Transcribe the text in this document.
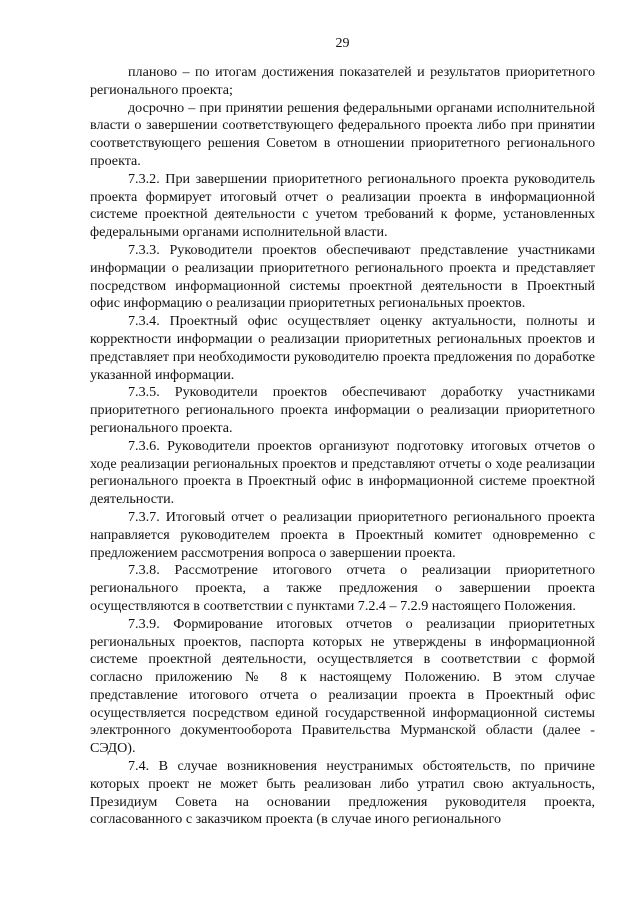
29

планово – по итогам достижения показателей и результатов приоритетного регионального проекта;

досрочно – при принятии решения федеральными органами исполнительной власти о завершении соответствующего федерального проекта либо при принятии соответствующего решения Советом в отношении приоритетного регионального проекта.

7.3.2. При завершении приоритетного регионального проекта руководитель проекта формирует итоговый отчет о реализации проекта в информационной системе проектной деятельности с учетом требований к форме, установленных федеральными органами исполнительной власти.

7.3.3. Руководители проектов обеспечивают представление участниками информации о реализации приоритетного регионального проекта и представляет посредством информационной системы проектной деятельности в Проектный офис информацию о реализации приоритетных региональных проектов.

7.3.4. Проектный офис осуществляет оценку актуальности, полноты и корректности информации о реализации приоритетных региональных проектов и представляет при необходимости руководителю проекта предложения по доработке указанной информации.

7.3.5. Руководители проектов обеспечивают доработку участниками приоритетного регионального проекта информации о реализации приоритетного регионального проекта.

7.3.6. Руководители проектов организуют подготовку итоговых отчетов о ходе реализации региональных проектов и представляют отчеты о ходе реализации регионального проекта в Проектный офис в информационной системе проектной деятельности.

7.3.7. Итоговый отчет о реализации приоритетного регионального проекта направляется руководителем проекта в Проектный комитет одновременно с предложением рассмотрения вопроса о завершении проекта.

7.3.8. Рассмотрение итогового отчета о реализации приоритетного регионального проекта, а также предложения о завершении проекта осуществляются в соответствии с пунктами 7.2.4 – 7.2.9 настоящего Положения.

7.3.9. Формирование итоговых отчетов о реализации приоритетных региональных проектов, паспорта которых не утверждены в информационной системе проектной деятельности, осуществляется в соответствии с формой согласно приложению № 8 к настоящему Положению. В этом случае представление итогового отчета о реализации проекта в Проектный офис осуществляется посредством единой государственной информационной системы электронного документооборота Правительства Мурманской области (далее - СЭДО).

7.4. В случае возникновения неустранимых обстоятельств, по причине которых проект не может быть реализован либо утратил свою актуальность, Президиум Совета на основании предложения руководителя проекта, согласованного с заказчиком проекта (в случае иного регионального
